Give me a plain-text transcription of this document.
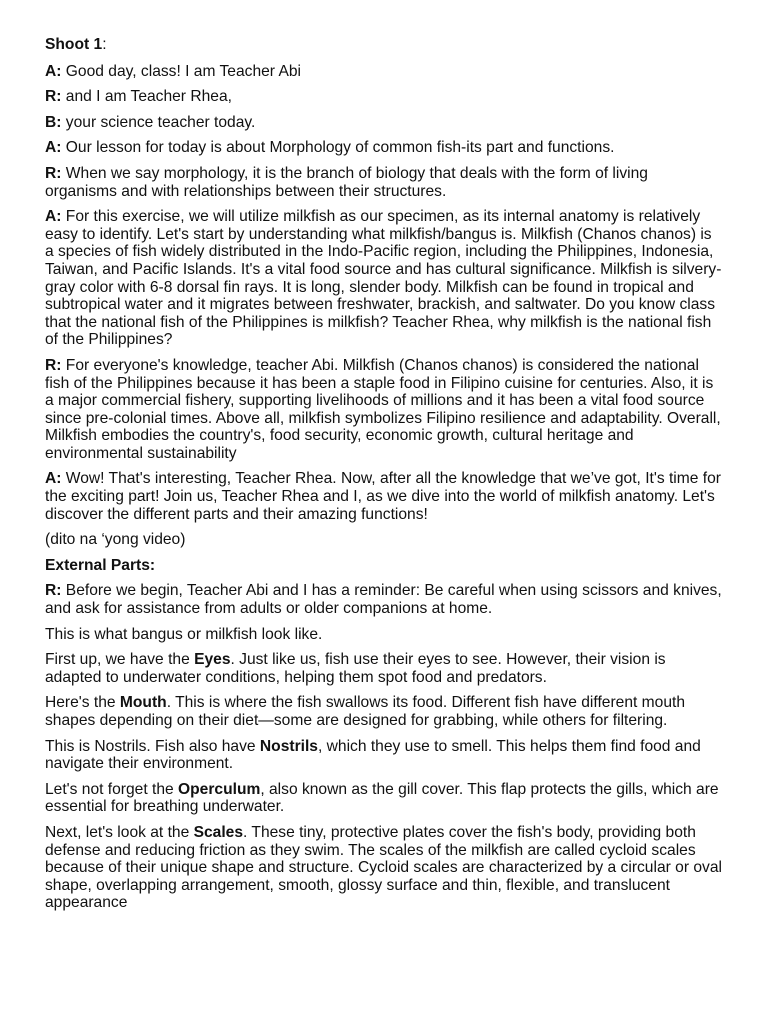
Shoot 1:

A: Good day, class! I am Teacher Abi

R: and I am Teacher Rhea,

B: your science teacher today.

A: Our lesson for today is about Morphology of common fish-its part and functions.

R: When we say morphology, it is the branch of biology that deals with the form of living organisms and with relationships between their structures.

A: For this exercise, we will utilize milkfish as our specimen, as its internal anatomy is relatively easy to identify. Let's start by understanding what milkfish/bangus is. Milkfish (Chanos chanos) is a species of fish widely distributed in the Indo-Pacific region, including the Philippines, Indonesia, Taiwan, and Pacific Islands. It's a vital food source and has cultural significance. Milkfish is silvery-gray color with 6-8 dorsal fin rays. It is long, slender body. Milkfish can be found in tropical and subtropical water and it migrates between freshwater, brackish, and saltwater. Do you know class that the national fish of the Philippines is milkfish? Teacher Rhea, why milkfish is the national fish of the Philippines?

R: For everyone's knowledge, teacher Abi. Milkfish (Chanos chanos) is considered the national fish of the Philippines because it has been a staple food in Filipino cuisine for centuries. Also, it is a major commercial fishery, supporting livelihoods of millions and it has been a vital food source since pre-colonial times. Above all, milkfish symbolizes Filipino resilience and adaptability. Overall, Milkfish embodies the country's, food security, economic growth, cultural heritage and environmental sustainability

A: Wow! That's interesting, Teacher Rhea. Now, after all the knowledge that we’ve got, It's time for the exciting part! Join us, Teacher Rhea and I, as we dive into the world of milkfish anatomy. Let's discover the different parts and their amazing functions!

(dito na ‘yong video)

External Parts:

R: Before we begin, Teacher Abi and I has a reminder: Be careful when using scissors and knives, and ask for assistance from adults or older companions at home.

This is what bangus or milkfish look like.

First up, we have the Eyes. Just like us, fish use their eyes to see. However, their vision is adapted to underwater conditions, helping them spot food and predators.

Here's the Mouth. This is where the fish swallows its food. Different fish have different mouth shapes depending on their diet—some are designed for grabbing, while others for filtering.

This is Nostrils. Fish also have Nostrils, which they use to smell. This helps them find food and navigate their environment.

Let's not forget the Operculum, also known as the gill cover. This flap protects the gills, which are essential for breathing underwater.

Next, let's look at the Scales. These tiny, protective plates cover the fish's body, providing both defense and reducing friction as they swim. The scales of the milkfish are called cycloid scales because of their unique shape and structure. Cycloid scales are characterized by a circular or oval shape, overlapping arrangement, smooth, glossy surface and thin, flexible, and translucent appearance
